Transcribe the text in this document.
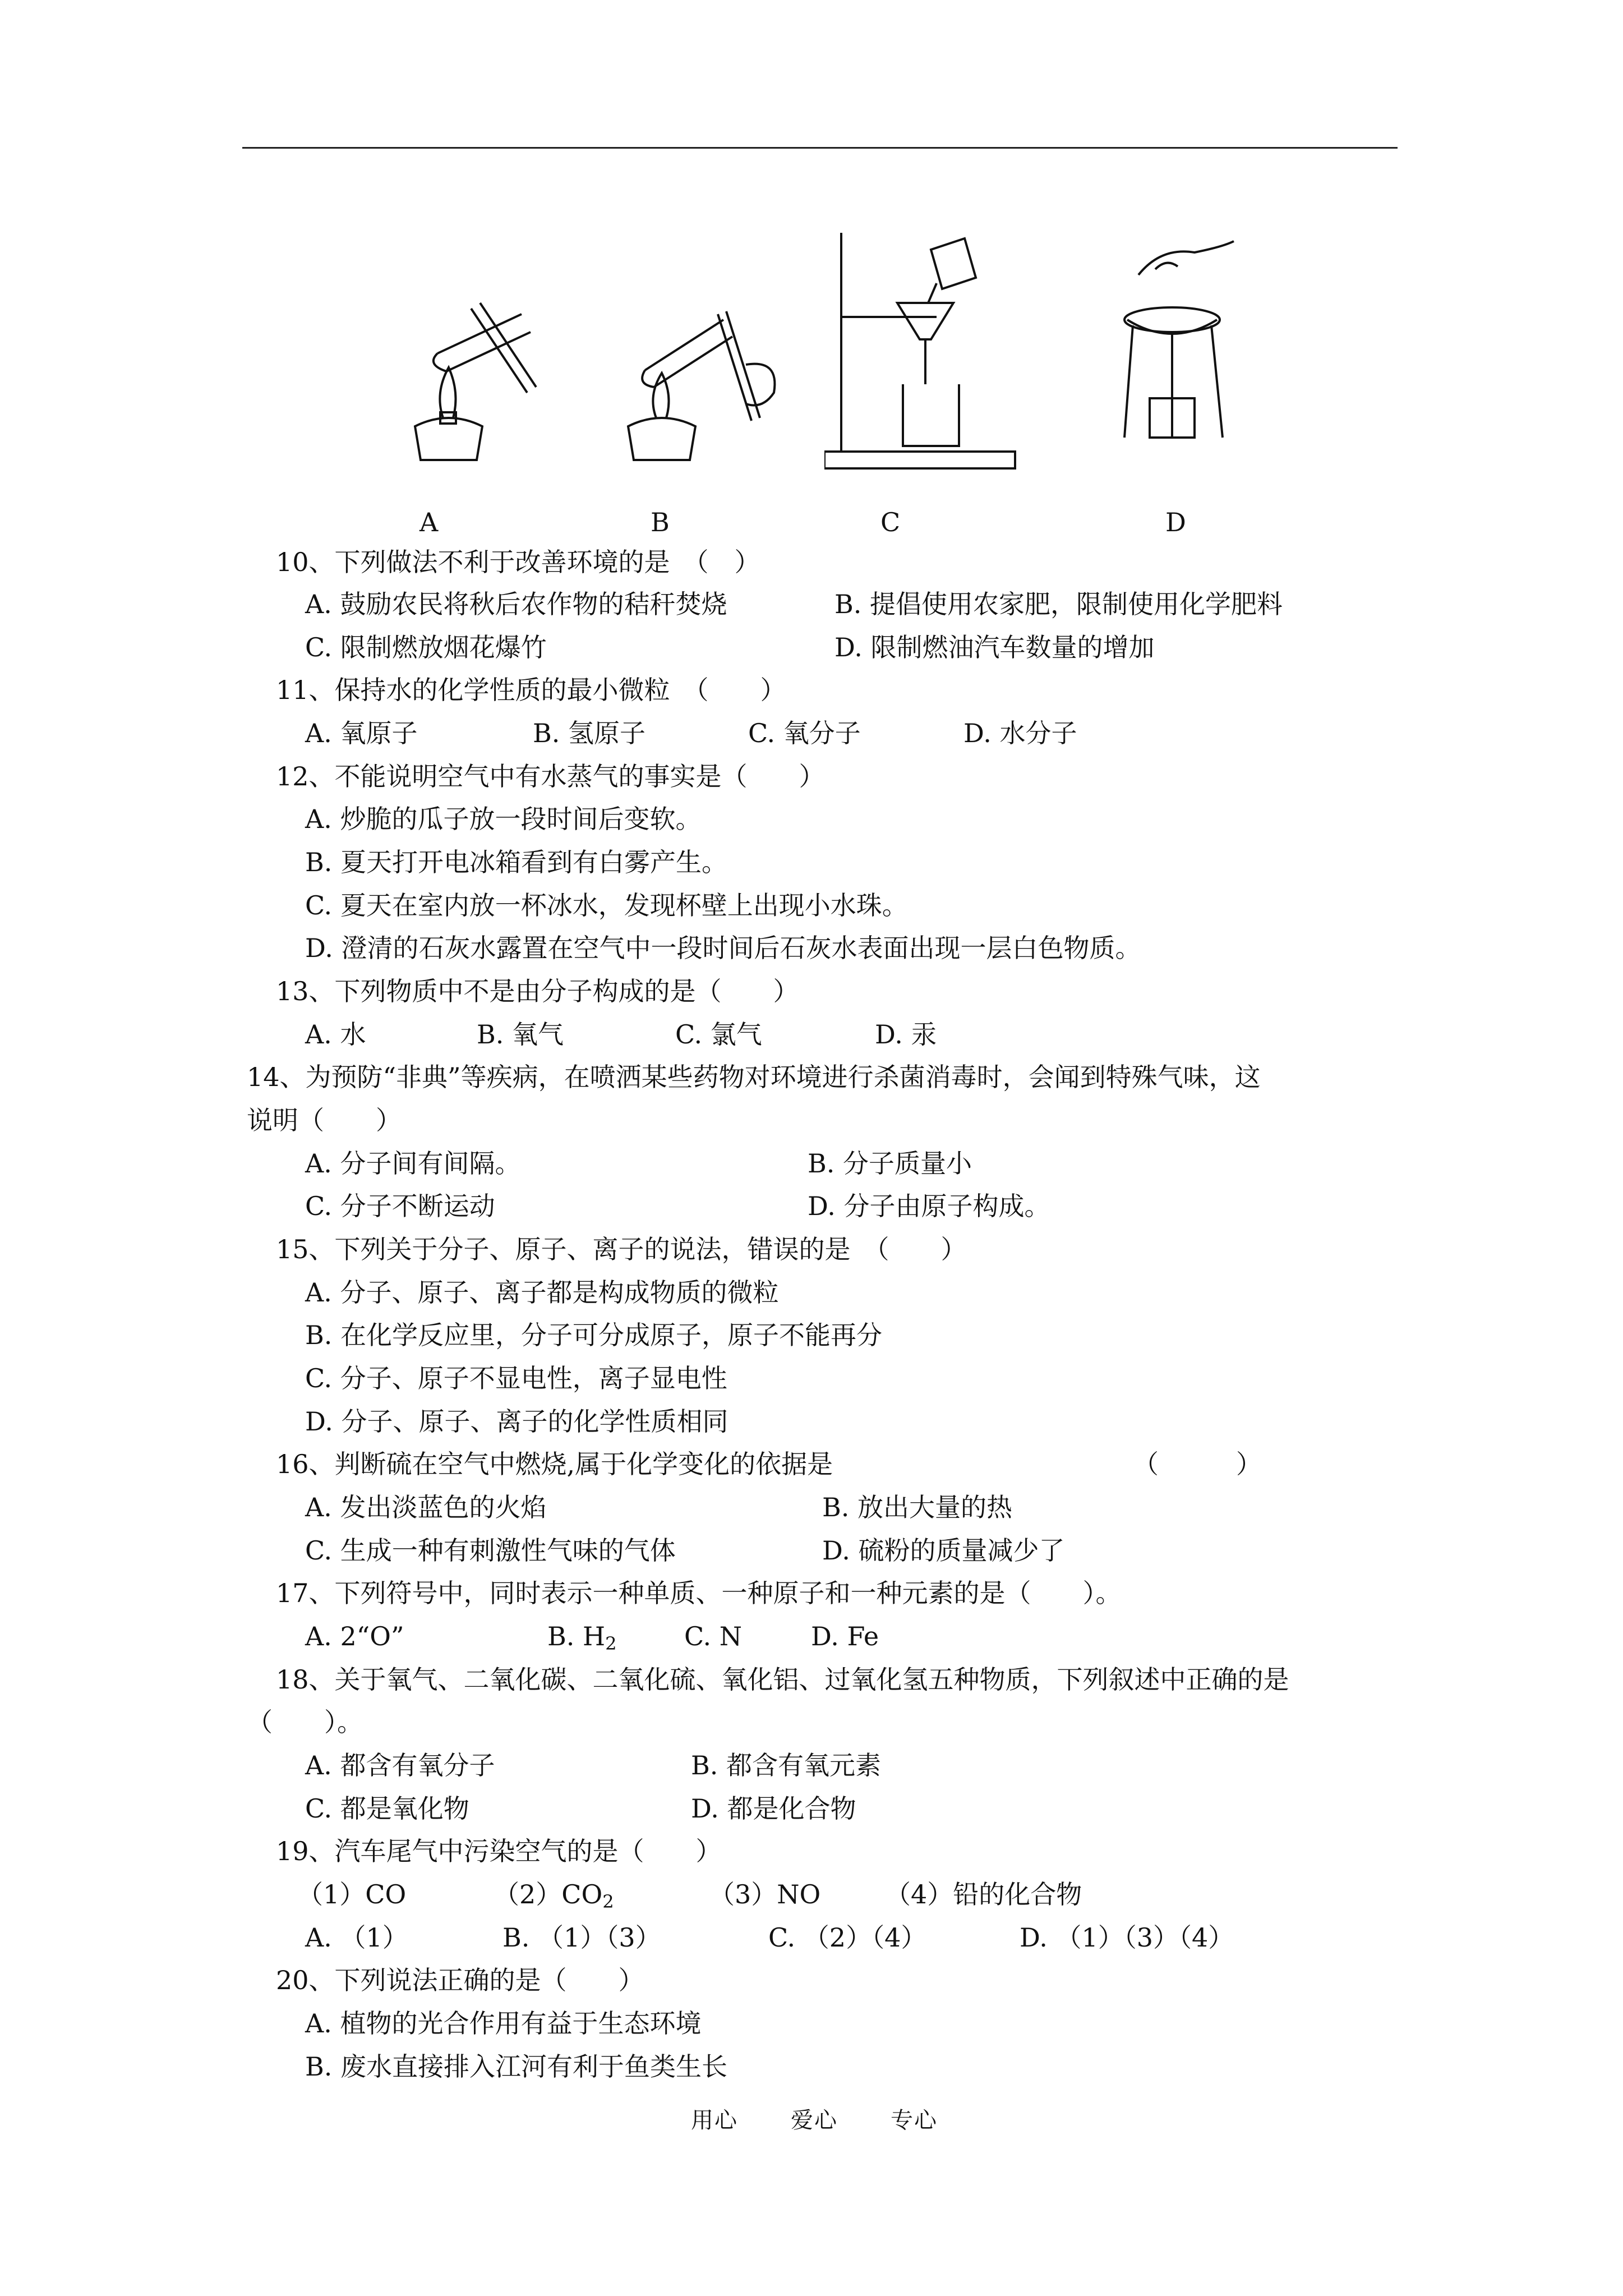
A	B	C	D
10、下列做法不利于改善环境的是　（　）
A. 鼓励农民将秋后农作物的秸秆焚烧	B. 提倡使用农家肥，限制使用化学肥料
C. 限制燃放烟花爆竹	D. 限制燃油汽车数量的增加
11、保持水的化学性质的最小微粒　（　　）
A. 氧原子	B. 氢原子	C. 氧分子	D. 水分子
12、不能说明空气中有水蒸气的事实是（　　）
A. 炒脆的瓜子放一段时间后变软。
B. 夏天打开电冰箱看到有白雾产生。
C. 夏天在室内放一杯冰水，发现杯壁上出现小水珠。
D. 澄清的石灰水露置在空气中一段时间后石灰水表面出现一层白色物质。
13、下列物质中不是由分子构成的是（　　）
A. 水	B. 氧气	C. 氯气	D. 汞
14、为预防“非典”等疾病，在喷洒某些药物对环境进行杀菌消毒时，会闻到特殊气味，这
说明（　　）
A. 分子间有间隔。	B. 分子质量小
C. 分子不断运动	D. 分子由原子构成。
15、下列关于分子、原子、离子的说法，错误的是　（　　）
A. 分子、原子、离子都是构成物质的微粒
B. 在化学反应里，分子可分成原子，原子不能再分
C. 分子、原子不显电性，离子显电性
D. 分子、原子、离子的化学性质相同
16、判断硫在空气中燃烧,属于化学变化的依据是	（　　　）
A. 发出淡蓝色的火焰	B. 放出大量的热
C. 生成一种有刺激性气味的气体	D. 硫粉的质量减少了
17、下列符号中，同时表示一种单质、一种原子和一种元素的是（　　）。
A. 2“O”	B. $H_2$	C. N	D. Fe
18、关于氧气、二氧化碳、二氧化硫、氧化铝、过氧化氢五种物质，下列叙述中正确的是
（　　）。
A. 都含有氧分子	B. 都含有氧元素
C. 都是氧化物	D. 都是化合物
19、汽车尾气中污染空气的是（　　）
（1）CO	$(2)CO_2$	（3）NO （4）铅的化合物
A. （1）	B. （1）（3）	C. （2）（4）	D. （1）（3）（4）
20、下列说法正确的是（　　）
A. 植物的光合作用有益于生态环境
B. 废水直接排入江河有利于鱼类生长
用心 爱心 专心
